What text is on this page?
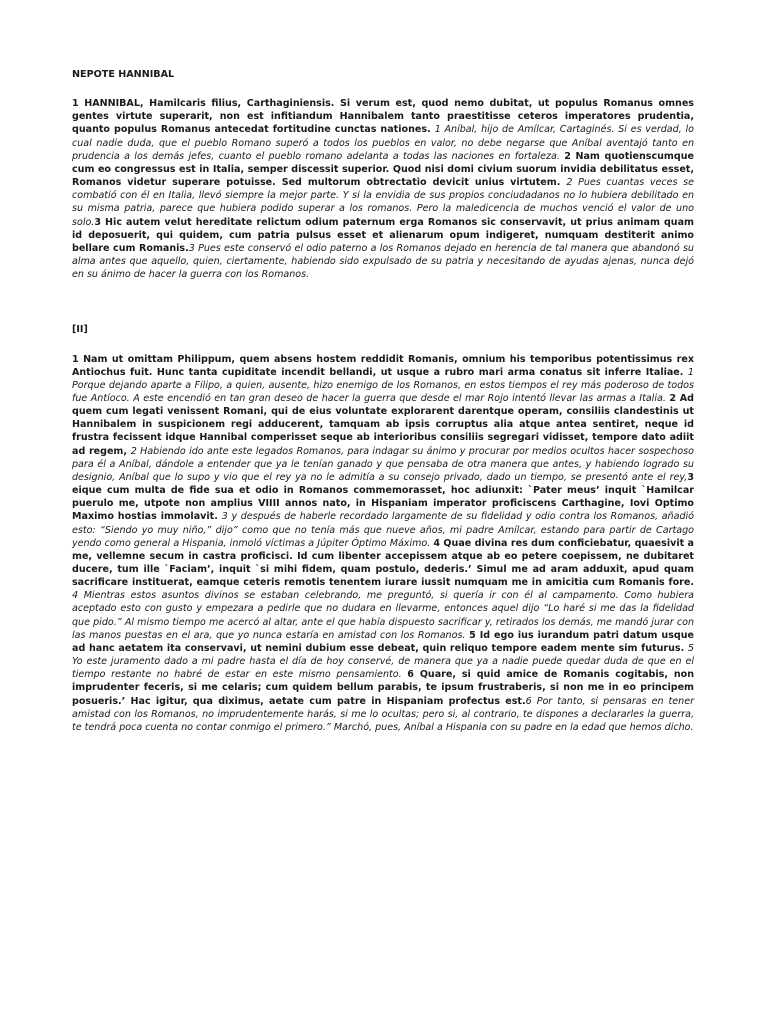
NEPOTE HANNIBAL

1 HANNIBAL, Hamilcaris filius, Carthaginiensis. Si verum est, quod nemo dubitat, ut populus Romanus omnes gentes virtute superarit, non est infitiandum Hannibalem tanto praestitisse ceteros imperatores prudentia, quanto populus Romanus antecedat fortitudine cunctas nationes. 1 Aníbal, hijo de Amílcar, Cartaginés. Si es verdad, lo cual nadie duda, que el pueblo Romano superó a todos los pueblos en valor, no debe negarse que Aníbal aventajó tanto en prudencia a los demás jefes, cuanto el pueblo romano adelanta a todas las naciones en fortaleza. 2 Nam quotienscumque cum eo congressus est in Italia, semper discessit superior. Quod nisi domi civium suorum invidia debilitatus esset, Romanos videtur superare potuisse. Sed multorum obtrectatio devicit unius virtutem. 2 Pues cuantas veces se combatió con él en Italia, llevó siempre la mejor parte. Y si la envidia de sus propios conciudadanos no lo hubiera debilitado en su misma patria, parece que hubiera podido superar a los romanos. Pero la maledicencia de muchos venció el valor de uno solo.3 Hic autem velut hereditate relictum odium paternum erga Romanos sic conservavit, ut prius animam quam id deposuerit, qui quidem, cum patria pulsus esset et alienarum opum indigeret, numquam destiterit animo bellare cum Romanis.3 Pues este conservó el odio paterno a los Romanos dejado en herencia de tal manera que abandonó su alma antes que aquello, quien, ciertamente, habiendo sido expulsado de su patria y necesitando de ayudas ajenas, nunca dejó en su ánimo de hacer la guerra con los Romanos.

[II]

1 Nam ut omittam Philippum, quem absens hostem reddidit Romanis, omnium his temporibus potentissimus rex Antiochus fuit. Hunc tanta cupiditate incendit bellandi, ut usque a rubro mari arma conatus sit inferre Italiae. 1 Porque dejando aparte a Filipo, a quien, ausente, hizo enemigo de los Romanos, en estos tiempos el rey más poderoso de todos fue Antíoco. A este encendió en tan gran deseo de hacer la guerra que desde el mar Rojo intentó llevar las armas a Italia. 2 Ad quem cum legati venissent Romani, qui de eius voluntate explorarent darentque operam, consiliis clandestinis ut Hannibalem in suspicionem regi adducerent, tamquam ab ipsis corruptus alia atque antea sentiret, neque id frustra fecissent idque Hannibal comperisset seque ab interioribus consiliis segregari vidisset, tempore dato adiit ad regem, 2 Habiendo ido ante este legados Romanos, para indagar su ánimo y procurar por medios ocultos hacer sospechoso para él a Aníbal, dándole a entender que ya le tenían ganado y que pensaba de otra manera que antes, y habiendo logrado su designio, Aníbal que lo supo y vio que el rey ya no le admitía a su consejo privado, dado un tiempo, se presentó ante el rey,3 eique cum multa de fide sua et odio in Romanos commemorasset, hoc adiunxit: `Pater meus’ inquit `Hamilcar puerulo me, utpote non amplius VIIII annos nato, in Hispaniam imperator proficiscens Carthagine, Iovi Optimo Maximo hostias immolavit. 3 y después de haberle recordado largamente de su fidelidad y odio contra los Romanos, añadió esto: “Siendo yo muy niño,” dijo” como que no tenía más que nueve años, mi padre Amílcar, estando para partir de Cartago yendo como general a Hispania, inmoló víctimas a Júpiter Óptimo Máximo. 4 Quae divina res dum conficiebatur, quaesivit a me, vellemne secum in castra proficisci. Id cum libenter accepissem atque ab eo petere coepissem, ne dubitaret ducere, tum ille `Faciam’, inquit `si mihi fidem, quam postulo, dederis.’ Simul me ad aram adduxit, apud quam sacrificare instituerat, eamque ceteris remotis tenentem iurare iussit numquam me in amicitia cum Romanis fore. 4 Mientras estos asuntos divinos se estaban celebrando, me preguntó, si quería ir con él al campamento. Como hubiera aceptado esto con gusto y empezara a pedirle que no dudara en llevarme, entonces aquel dijo “Lo haré si me das la fidelidad que pido.” Al mismo tiempo me acercó al altar, ante el que había dispuesto sacrificar y, retirados los demás, me mandó jurar con las manos puestas en el ara, que yo nunca estaría en amistad con los Romanos. 5 Id ego ius iurandum patri datum usque ad hanc aetatem ita conservavi, ut nemini dubium esse debeat, quin reliquo tempore eadem mente sim futurus. 5 Yo este juramento dado a mi padre hasta el día de hoy conservé, de manera que ya a nadie puede quedar duda de que en el tiempo restante no habré de estar en este mismo pensamiento. 6 Quare, si quid amice de Romanis cogitabis, non imprudenter feceris, si me celaris; cum quidem bellum parabis, te ipsum frustraberis, si non me in eo principem posueris.’ Hac igitur, qua diximus, aetate cum patre in Hispaniam profectus est.6 Por tanto, si pensaras en tener amistad con los Romanos, no imprudentemente harás, si me lo ocultas; pero si, al contrario, te dispones a declararles la guerra, te tendrá poca cuenta no contar conmigo el primero.” Marchó, pues, Aníbal a Hispania con su padre en la edad que hemos dicho.
